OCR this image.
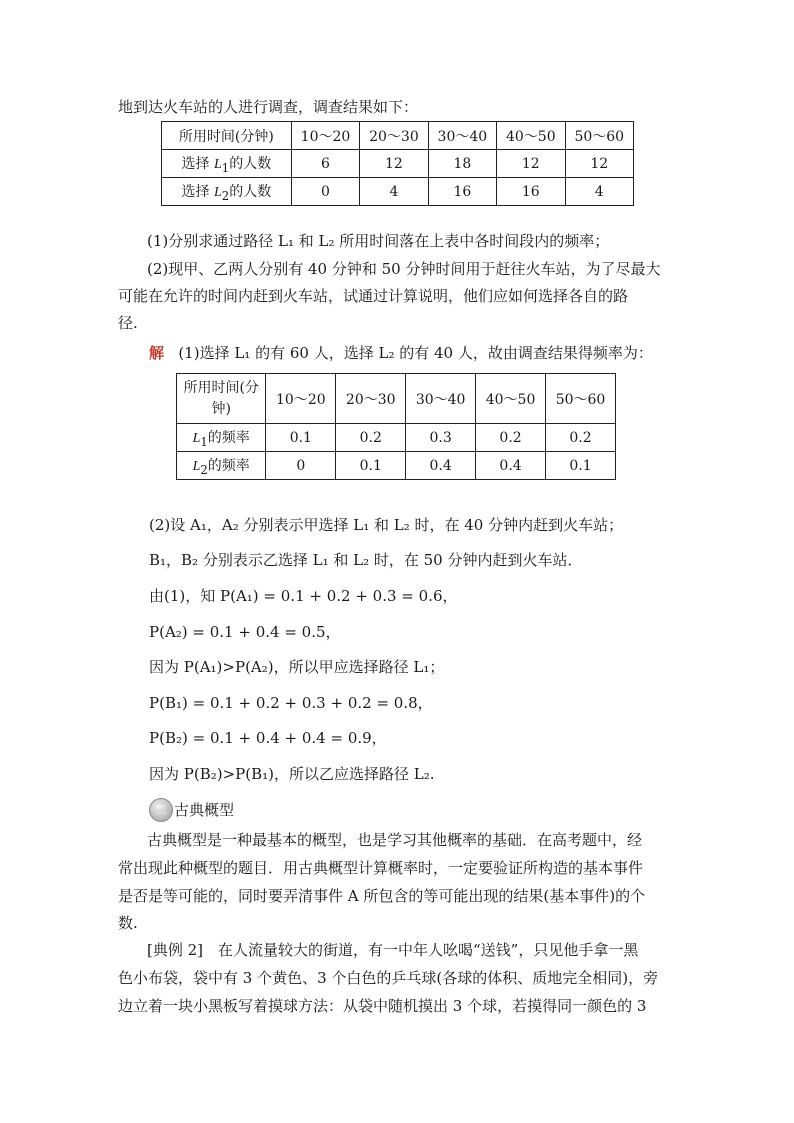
地到达火车站的人进行调查，调查结果如下：
所用时间(分钟)	10～20	20～30	30～40	40～50	50～60
选择 $L_1$的人数	6	12	18	12	12
选择 $L_2$的人数	0	4	16	16	4
(1)分别求通过路径 L₁ 和 L₂ 所用时间落在上表中各时间段内的频率；
(2)现甲、乙两人分别有 40 分钟和 50 分钟时间用于赶往火车站，为了尽最大
可能在允许的时间内赶到火车站，试通过计算说明，他们应如何选择各自的路
径.
解 (1)选择 L₁ 的有 60 人，选择 L₂ 的有 40 人，故由调查结果得频率为：
所用时间(分
钟)	10～20	20～30	30～40	40～50	50～60
$L_1$的频率	0.1	0.2	0.3	0.2	0.2
$L_2$的频率	0	0.1	0.4	0.4	0.1
(2)设 A₁，A₂ 分别表示甲选择 L₁ 和 L₂ 时，在 40 分钟内赶到火车站；
B₁，B₂ 分别表示乙选择 L₁ 和 L₂ 时，在 50 分钟内赶到火车站．
由(1)，知 P(A₁) = 0.1 + 0.2 + 0.3 = 0.6，
P(A₂) = 0.1 + 0.4 = 0.5，
因为 P(A₁)>P(A₂)，所以甲应选择路径 L₁；
P(B₁) = 0.1 + 0.2 + 0.3 + 0.2 = 0.8，
P(B₂) = 0.1 + 0.4 + 0.4 = 0.9，
因为 P(B₂)>P(B₁)，所以乙应选择路径 L₂.
二 古典概型
古典概型是一种最基本的概型，也是学习其他概率的基础．在高考题中，经
常出现此种概型的题目．用古典概型计算概率时，一定要验证所构造的基本事件
是否是等可能的，同时要弄清事件 A 所包含的等可能出现的结果(基本事件)的个
数.
[典例 2]　在人流量较大的街道，有一中年人吆喝“送钱”，只见他手拿一黑
色小布袋，袋中有 3 个黄色、3 个白色的乒乓球(各球的体积、质地完全相同)，旁
边立着一块小黑板写着摸球方法：从袋中随机摸出 3 个球，若摸得同一颜色的 3
